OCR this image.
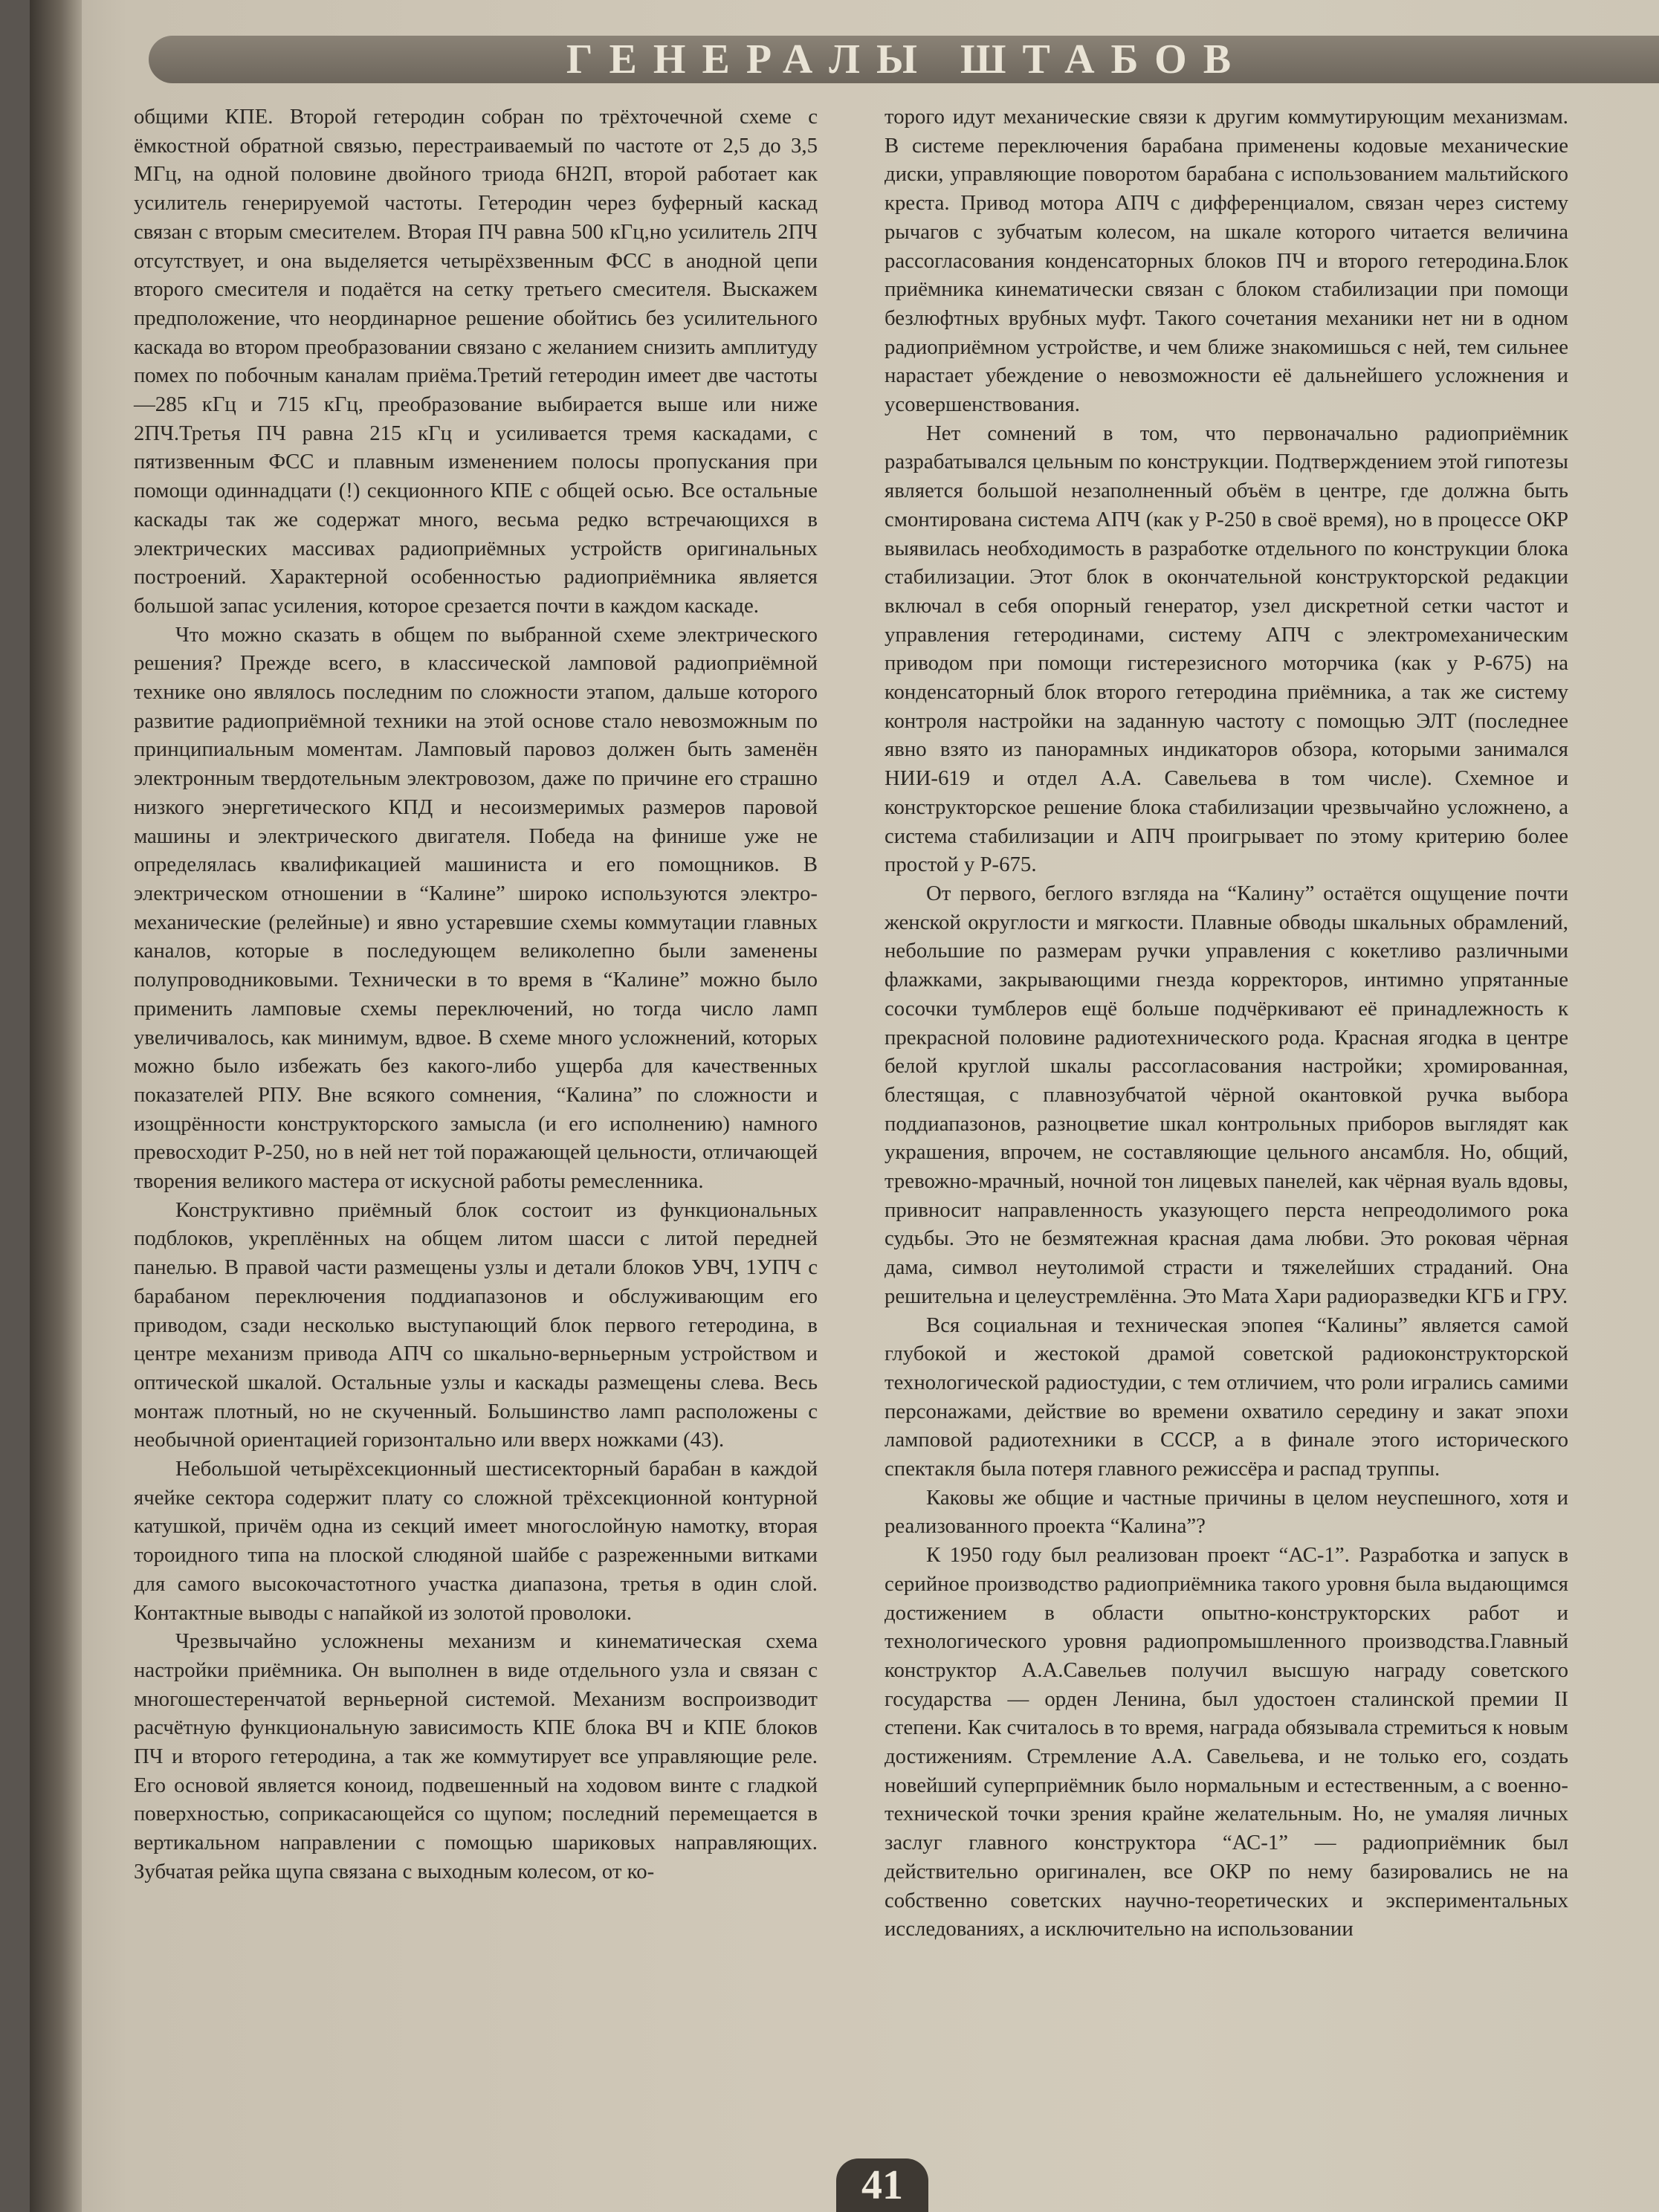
ГЕНЕРАЛЫ ШТАБОВ

общими КПЕ. Второй гетеродин собран по трёхточечной схеме с ёмкостной обратной связью, перестраиваемый по частоте от 2,5 до 3,5 МГц, на одной половине двойного триода 6Н2П, второй работает как усилитель генерируемой частоты. Гетеродин через буферный каскад связан с вторым смесителем. Вторая ПЧ равна 500 кГц,но усилитель 2ПЧ отсутствует, и она выделяется четырёхзвенным ФСС в анодной цепи второго смесителя и подаётся на сетку третьего смесителя. Выскажем предположение, что неординарное решение обойтись без усилительного каскада во втором преобразовании связано с желанием снизить амплитуду помех по побочным каналам приёма.Третий гетеродин имеет две частоты —285 кГц и 715 кГц, преобразование выбирается выше или ниже 2ПЧ.Третья ПЧ равна 215 кГц и усиливается тремя каскадами, с пятизвенным ФСС и плавным изменением полосы пропускания при помощи одиннадцати (!) секционного КПЕ с общей осью. Все остальные каскады так же содержат много, весьма редко встречающихся в электрических массивах радиоприёмных устройств оригинальных построений. Характерной особенностью радиоприёмника является большой запас усиления, которое срезается почти в каждом каскаде.

Что можно сказать в общем по выбранной схеме электрического решения? Прежде всего, в классической ламповой радиоприёмной технике оно являлось последним по сложности этапом, дальше которого развитие радиоприёмной техники на этой основе стало невозможным по принципиальным моментам. Ламповый паровоз должен быть заменён электронным твердотельным электровозом, даже по причине его страшно низкого энергетического КПД и несоизмеримых размеров паровой машины и электрического двигателя. Победа на финише уже не определялась квалификацией машиниста и его помощников. В электрическом отношении в “Калине” широко используются электро-механические (релейные) и явно устаревшие схемы коммутации главных каналов, которые в последующем великолепно были заменены полупроводниковыми. Технически в то время в “Калине” можно было применить ламповые схемы переключений, но тогда число ламп увеличивалось, как минимум, вдвое. В схеме много усложнений, которых можно было избежать без какого-либо ущерба для качественных показателей РПУ. Вне всякого сомнения, “Калина” по сложности и изощрённости конструкторского замысла (и его исполнению) намного превосходит Р-250, но в ней нет той поражающей цельности, отличающей творения великого мастера от искусной работы ремесленника.

Конструктивно приёмный блок состоит из функциональных подблоков, укреплённых на общем литом шасси с литой передней панелью. В правой части размещены узлы и детали блоков УВЧ, 1УПЧ с барабаном переключения поддиапазонов и обслуживающим его приводом, сзади несколько выступающий блок первого гетеродина, в центре механизм привода АПЧ со шкально-верньерным устройством и оптической шкалой. Остальные узлы и каскады размещены слева. Весь монтаж плотный, но не скученный. Большинство ламп расположены с необычной ориентацией горизонтально или вверх ножками (43).

Небольшой четырёхсекционный шестисекторный барабан в каждой ячейке сектора содержит плату со сложной трёхсекционной контурной катушкой, причём одна из секций имеет многослойную намотку, вторая тороидного типа на плоской слюдяной шайбе с разреженными витками для самого высокочастотного участка диапазона, третья в один слой. Контактные выводы с напайкой из золотой проволоки.

Чрезвычайно усложнены механизм и кинематическая схема настройки приёмника. Он выполнен в виде отдельного узла и связан с многошестеренчатой верньерной системой. Механизм воспроизводит расчётную функциональную зависимость КПЕ блока ВЧ и КПЕ блоков ПЧ и второго гетеродина, а так же коммутирует все управляющие реле. Его основой является коноид, подвешенный на ходовом винте с гладкой поверхностью, соприкасающейся со щупом; последний перемещается в вертикальном направлении с помощью шариковых направляющих. Зубчатая рейка щупа связана с выходным колесом, от ко-

торого идут механические связи к другим коммутирующим механизмам. В системе переключения барабана применены кодовые механические диски, управляющие поворотом барабана с использованием мальтийского креста. Привод мотора АПЧ с дифференциалом, связан через систему рычагов с зубчатым колесом, на шкале которого читается величина рассогласования конденсаторных блоков ПЧ и второго гетеродина.Блок приёмника кинематически связан с блоком стабилизации при помощи безлюфтных врубных муфт. Такого сочетания механики нет ни в одном радиоприёмном устройстве, и чем ближе знакомишься с ней, тем сильнее нарастает убеждение о невозможности её дальнейшего усложнения и усовершенствования.

Нет сомнений в том, что первоначально радиоприёмник разрабатывался цельным по конструкции. Подтверждением этой гипотезы является большой незаполненный объём в центре, где должна быть смонтирована система АПЧ (как у Р-250 в своё время), но в процессе ОКР выявилась необходимость в разработке отдельного по конструкции блока стабилизации. Этот блок в окончательной конструкторской редакции включал в себя опорный генератор, узел дискретной сетки частот и управления гетеродинами, систему АПЧ с электромеханическим приводом при помощи гистерезисного моторчика (как у Р-675) на конденсаторный блок второго гетеродина приёмника, а так же систему контроля настройки на заданную частоту с помощью ЭЛТ (последнее явно взято из панорамных индикаторов обзора, которыми занимался НИИ-619 и отдел А.А. Савельева в том числе). Схемное и конструкторское решение блока стабилизации чрезвычайно усложнено, а система стабилизации и АПЧ проигрывает по этому критерию более простой у Р-675.

От первого, беглого взгляда на “Калину” остаётся ощущение почти женской округлости и мягкости. Плавные обводы шкальных обрамлений, небольшие по размерам ручки управления с кокетливо различными флажками, закрывающими гнезда корректоров, интимно упрятанные сосочки тумблеров ещё больше подчёркивают её принадлежность к прекрасной половине радиотехнического рода. Красная ягодка в центре белой круглой шкалы рассогласования настройки; хромированная, блестящая, с плавнозубчатой чёрной окантовкой ручка выбора поддиапазонов, разноцветие шкал контрольных приборов выглядят как украшения, впрочем, не составляющие цельного ансамбля. Но, общий, тревожно-мрачный, ночной тон лицевых панелей, как чёрная вуаль вдовы, привносит направленность указующего перста непреодолимого рока судьбы. Это не безмятежная красная дама любви. Это роковая чёрная дама, символ неутолимой страсти и тяжелейших страданий. Она решительна и целеустремлённа. Это Мата Хари радиоразведки КГБ и ГРУ.

Вся социальная и техническая эпопея “Калины” является самой глубокой и жестокой драмой советской радиоконструкторской технологической радиостудии, с тем отличием, что роли игрались самими персонажами, действие во времени охватило середину и закат эпохи ламповой радиотехники в СССР, а в финале этого исторического спектакля была потеря главного режиссёра и распад труппы.

Каковы же общие и частные причины в целом неуспешного, хотя и реализованного проекта “Калина”?

К 1950 году был реализован проект “АС-1”. Разработка и запуск в серийное производство радиоприёмника такого уровня была выдающимся достижением в области опытно-конструкторских работ и технологического уровня радиопромышленного производства.Главный конструктор А.А.Савельев получил высшую награду советского государства — орден Ленина, был удостоен сталинской премии II степени. Как считалось в то время, награда обязывала стремиться к новым достижениям. Стремление А.А. Савельева, и не только его, создать новейший суперприёмник было нормальным и естественным, а с военно-технической точки зрения крайне желательным. Но, не умаляя личных заслуг главного конструктора “АС-1” — радиоприёмник был действительно оригинален, все ОКР по нему базировались не на собственно советских научно-теоретических и экспериментальных исследованиях, а исключительно на использовании

41
